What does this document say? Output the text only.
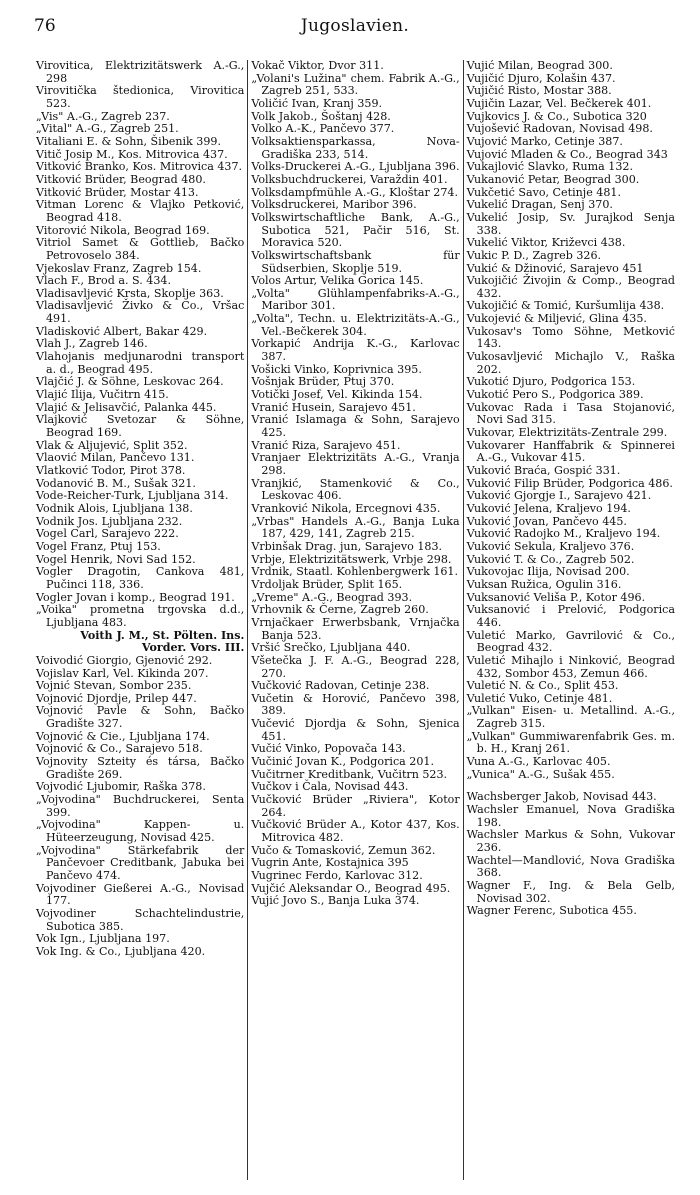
76	Jugoslavien.
Virovitica, Elektrizitätswerk A.-G., 298
Virovitička štedionica, Virovitica 523.
„Vis" A.-G., Zagreb 237.
„Vital" A.-G., Zagreb 251.
Vitaliani E. & Sohn, Šibenik 399.
Vitič Josip M., Kos. Mitrovica 437.
Vitković Branko, Kos. Mitrovica 437.
Vitković Brüder, Beograd 480.
Vitković Brüder, Mostar 413.
Vitman Lorenc & Vlajko Petković, Beograd 418.
Vitorović Nikola, Beograd 169.
Vitriol Samet & Gottlieb, Bačko Petrovoselo 384.
Vjekoslav Franz, Zagreb 154.
Vlach F., Brod a. S. 434.
Vladisavljević Krsta, Skoplje 363.
Vladisavljević Živko & Co., Vršac 491.
Vladisković Albert, Bakar 429.
Vlah J., Zagreb 146.
Vlahojanis medjunarodni transport a. d., Beograd 495.
Vlajčić J. & Söhne, Leskovac 264.
Vlajić Ilija, Vučitrn 415.
Vlajić & Jelisavčić, Palanka 445.
Vlajković Svetozar & Söhne, Beograd 169.
Vlak & Aljujević, Split 352.
Vlaović Milan, Pančevo 131.
Vlatković Todor, Pirot 378.
Vodanović B. M., Sušak 321.
Vode-Reicher-Turk, Ljubljana 314.
Vodnik Alois, Ljubljana 138.
Vodnik Jos. Ljubljana 232.
Vogel Carl, Sarajevo 222.
Vogel Franz, Ptuj 153.
Vogel Henrik, Novi Sad 152.
Vogler Dragotin, Cankova 481, Pučinci 118, 336.
Vogler Jovan i komp., Beograd 191.
„Voika" prometna trgovska d.d., Ljubljana 483.
Voith J. M., St. Pölten. Ins. Vorder. Vors. III.
Voivodić Giorgio, Gjenović 292.
Vojislav Karl, Vel. Kikinda 207.
Vojnić Stevan, Sombor 235.
Vojnović Djordje, Prilep 447.
Vojnović Pavle & Sohn, Bačko Gradište 327.
Vojnović & Cie., Ljubljana 174.
Vojnović & Co., Sarajevo 518.
Vojnovity Szteity és társa, Bačko Gradište 269.
Vojvodić Ljubomir, Raška 378.
„Vojvodina" Buchdruckerei, Senta 399.
„Vojvodina" Kappen- u. Hüteerzeugung, Novisad 425.
„Vojvodina" Stärkefabrik der Pančevoer Creditbank, Jabuka bei Pančevo 474.
Vojvodiner Gießerei A.-G., Novisad 177.
Vojvodiner Schachtelindustrie, Subotica 385.
Vok Ign., Ljubljana 197.
Vok Ing. & Co., Ljubljana 420.
Vokač Viktor, Dvor 311.
„Volani's Lužina" chem. Fabrik A.-G., Zagreb 251, 533.
Voličić Ivan, Kranj 359.
Volk Jakob., Šoštanj 428.
Volko A.-K., Pančevo 377.
Volksaktiensparkassa, Nova-Gradiška 233, 514.
Volks-Druckerei A.-G., Ljubljana 396.
Volksbuchdruckerei, Varaždin 401.
Volksdampfmühle A.-G., Kloštar 274.
Volksdruckerei, Maribor 396.
Volkswirtschaftliche Bank, A.-G., Subotica 521, Pačir 516, St. Moravica 520.
Volkswirtschaftsbank für Südserbien, Skoplje 519.
Volos Artur, Velika Gorica 145.
„Volta" Glühlampenfabriks-A.-G., Maribor 301.
„Volta", Techn. u. Elektrizitäts-A.-G., Vel.-Bečkerek 304.
Vorkapić Andrija K.-G., Karlovac 387.
Vošicki Vinko, Koprivnica 395.
Vošnjak Brüder, Ptuj 370.
Votički Josef, Vel. Kikinda 154.
Vranić Husein, Sarajevo 451.
Vranić Islamaga & Sohn, Sarajevo 425.
Vranić Riza, Sarajevo 451.
Vranjaer Elektrizitäts A.-G., Vranja 298.
Vranjkić, Stamenković & Co., Leskovac 406.
Vranković Nikola, Ercegnovi 435.
„Vrbas" Handels A.-G., Banja Luka 187, 429, 141, Zagreb 215.
Vrbinšak Drag. jun, Sarajevo 183.
Vrbje, Elektrizitätswerk, Vrbje 298.
Vrdnik, Staatl. Kohlenbergwerk 161.
Vrdoljak Brüder, Split 165.
„Vreme" A.-G., Beograd 393.
Vrhovnik & Černe, Zagreb 260.
Vrnjačkaer Erwerbsbank, Vrnjačka Banja 523.
Vršić Srečko, Ljubljana 440.
Všetečka J. F. A.-G., Beograd 228, 270.
Vučković Radovan, Cetinje 238.
Vučetin & Horović, Pančevo 398, 389.
Vučević Djordja & Sohn, Sjenica 451.
Vučić Vinko, Popovača 143.
Vučinić Jovan K., Podgorica 201.
Vučitrner Kreditbank, Vučitrn 523.
Vučkov i Čala, Novisad 443.
Vučković Brüder „Riviera", Kotor 264.
Vučković Brüder A., Kotor 437, Kos. Mitrovica 482.
Vučo & Tomasković, Zemun 362.
Vugrin Ante, Kostajnica 395
Vugrinec Ferdo, Karlovac 312.
Vujčić Aleksandar O., Beograd 495.
Vujić Jovo S., Banja Luka 374.
Vujić Milan, Beograd 300.
Vujičić Djuro, Kolašin 437.
Vujičić Risto, Mostar 388.
Vujičin Lazar, Vel. Bečkerek 401.
Vujkovics J. & Co., Subotica 320
Vujošević Radovan, Novisad 498.
Vujović Marko, Cetinje 387.
Vujović Mladen & Co., Beograd 343
Vukajlović Slavko, Ruma 132.
Vukanović Petar, Beograd 300.
Vukčetić Savo, Cetinje 481.
Vukelić Dragan, Senj 370.
Vukelić Josip, Sv. Jurajkod Senja 338.
Vukelić Viktor, Križevci 438.
Vukic P. D., Zagreb 326.
Vukić & Džinović, Sarajevo 451
Vukojičić Živojin & Comp., Beograd 432.
Vukojičić & Tomić, Kuršumlija 438.
Vukojević & Miljević, Glina 435.
Vukosav's Tomo Söhne, Metković 143.
Vukosavljević Michajlo V., Raška 202.
Vukotić Djuro, Podgorica 153.
Vukotić Pero S., Podgorica 389.
Vukovac Rada i Tasa Stojanović, Novi Sad 315.
Vukovar, Elektrizitäts-Zentrale 299.
Vukovarer Hanffabrik & Spinnerei A.-G., Vukovar 415.
Vuković Braća, Gospić 331.
Vuković Filip Brüder, Podgorica 486.
Vuković Gjorgje I., Sarajevo 421.
Vuković Jelena, Kraljevo 194.
Vuković Jovan, Pančevo 445.
Vuković Radojko M., Kraljevo 194.
Vuković Sekula, Kraljevo 376.
Vuković T. & Co., Zagreb 502.
Vukovojac Ilija, Novisad 200.
Vuksan Ružica, Ogulin 316.
Vuksanović Veliša P., Kotor 496.
Vuksanović i Prelović, Podgorica 446.
Vuletić Marko, Gavrilović & Co., Beograd 432.
Vuletić Mihajlo i Ninković, Beograd 432, Sombor 453, Zemun 466.
Vuletić N. & Co., Split 453.
Vuletić Vuko, Cetinje 481.
„Vulkan" Eisen- u. Metallind. A.-G., Zagreb 315.
„Vulkan" Gummiwarenfabrik Ges. m. b. H., Kranj 261.
Vuna A.-G., Karlovac 405.
„Vunica" A.-G., Sušak 455.
Wachsberger Jakob, Novisad 443.
Wachsler Emanuel, Nova Gradiška 198.
Wachsler Markus & Sohn, Vukovar 236.
Wachtel—Mandlović, Nova Gradiška 368.
Wagner F., Ing. & Bela Gelb, Novisad 302.
Wagner Ferenc, Subotica 455.
